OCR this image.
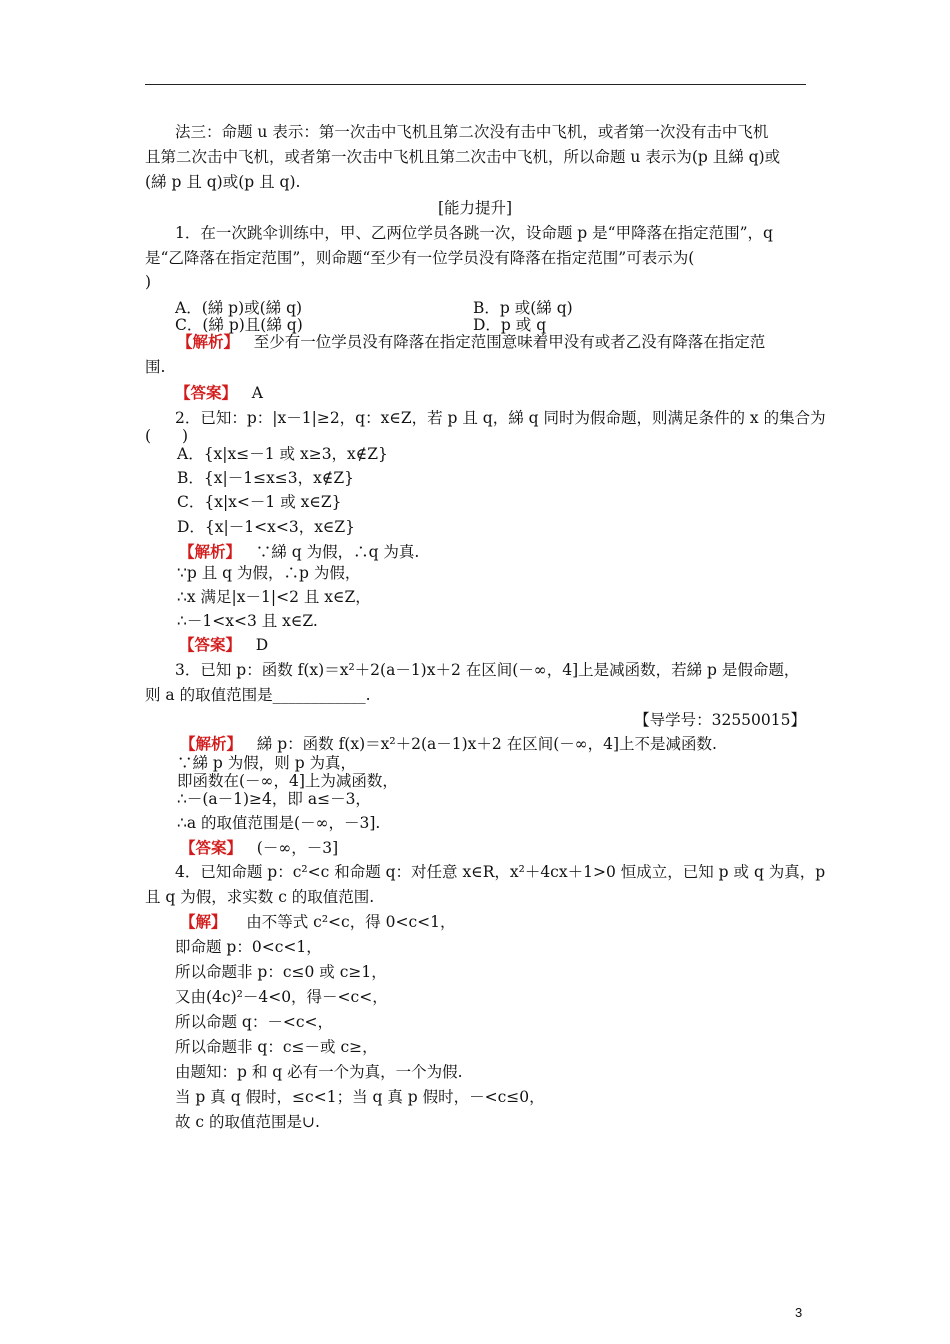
法三：命题 u 表示：第一次击中飞机且第二次没有击中飞机，或者第一次没有击中飞机
且第二次击中飞机，或者第一次击中飞机且第二次击中飞机，所以命题 u 表示为(p 且綈 q)或
(綈 p 且 q)或(p 且 q).
[能力提升]
1．在一次跳伞训练中，甲、乙两位学员各跳一次，设命题 p 是“甲降落在指定范围”，q
是“乙降落在指定范围”，则命题“至少有一位学员没有降落在指定范围”可表示为(
)
A．(綈 p)或(綈 q)	B．p 或(綈 q)
C．(綈 p)且(綈 q)	D．p 或 q
【解析】 至少有一位学员没有降落在指定范围意味着甲没有或者乙没有降落在指定范
围.
【答案】 A
2．已知：p：|x－1|≥2，q：x∈Z，若 p 且 q，綈 q 同时为假命题，则满足条件的 x 的集合为
(　　)
A．{x|x≤－1 或 x≥3，x∉Z}
B．{x|－1≤x≤3，x∉Z}
C．{x|x<－1 或 x∈Z}
D．{x|－1<x<3，x∈Z}
【解析】 ∵綈 q 为假，∴q 为真.
∵p 且 q 为假，∴p 为假，
∴x 满足|x－1|<2 且 x∈Z，
∴－1<x<3 且 x∈Z.
【答案】 D
3．已知 p：函数 f(x)＝x²＋2(a－1)x＋2 在区间(－∞，4]上是减函数，若綈 p 是假命题，
则 a 的取值范围是____________.
【导学号：32550015】
【解析】 綈 p：函数 f(x)＝x²＋2(a－1)x＋2 在区间(－∞，4]上不是减函数.
∵綈 p 为假，则 p 为真，
即函数在(－∞，4]上为减函数，
∴－(a－1)≥4，即 a≤－3，
∴a 的取值范围是(－∞，－3].
【答案】 (－∞，－3]
4．已知命题 p：c²<c 和命题 q：对任意 x∈R，x²＋4cx＋1>0 恒成立，已知 p 或 q 为真，p
且 q 为假，求实数 c 的取值范围.
【解】 由不等式 c²<c，得 0<c<1，
即命题 p：0<c<1，
所以命题非 p：c≤0 或 c≥1，
又由(4c)²－4<0，得－<c<，
所以命题 q：－<c<，
所以命题非 q：c≤－或 c≥，
由题知：p 和 q 必有一个为真，一个为假.
当 p 真 q 假时，≤c<1；当 q 真 p 假时，－<c≤0，
故 c 的取值范围是∪.
3
